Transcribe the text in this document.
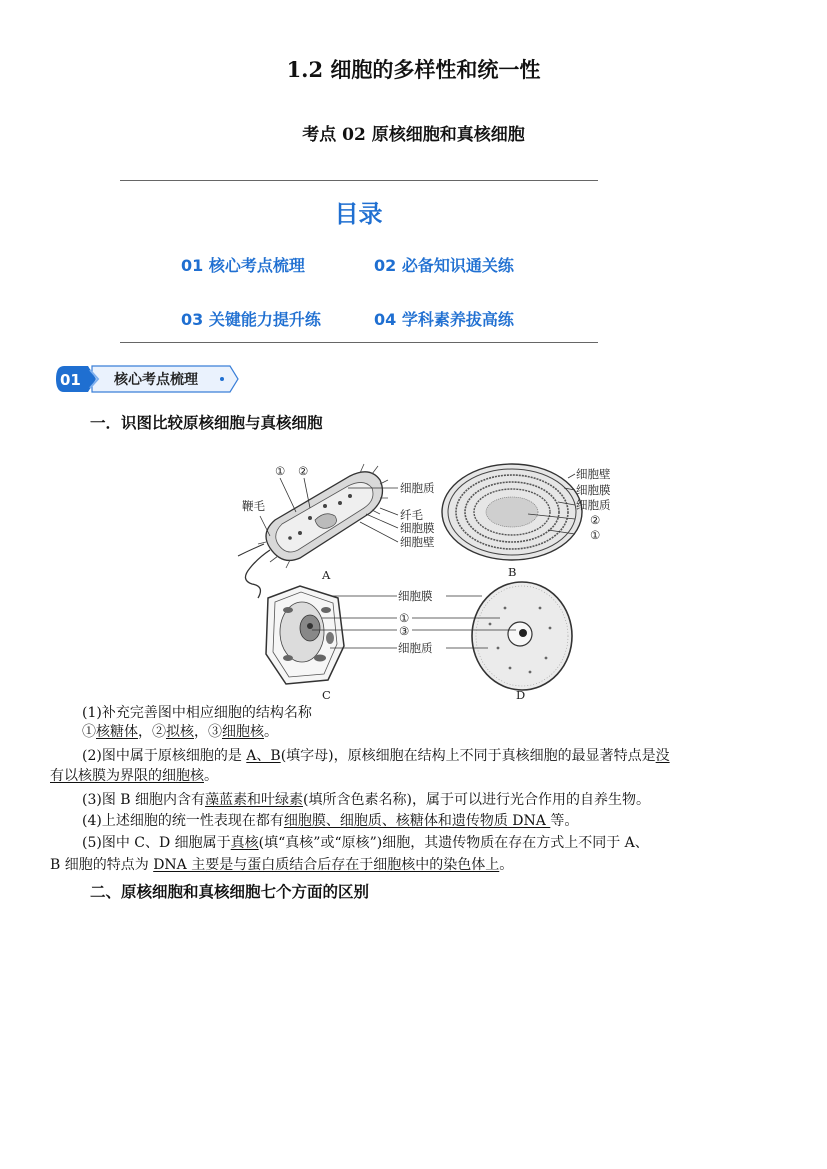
1.2 细胞的多样性和统一性
考点 02 原核细胞和真核细胞
目录
01 核心考点梳理	02 必备知识通关练
03 关键能力提升练	04 学科素养拔高练
01 核心考点梳理
一．识图比较原核细胞与真核细胞
① ②
鞭毛
细胞质
纤毛
细胞膜
细胞壁
A
细胞壁
细胞膜
细胞质
②
①
B
C	D
细胞膜
①
③
细胞质
(1)补充完善图中相应细胞的结构名称
①核糖体，②拟核，③细胞核。
(2)图中属于原核细胞的是 A、B(填字母)，原核细胞在结构上不同于真核细胞的最显著特点是没
有以核膜为界限的细胞核。
(3)图 B 细胞内含有藻蓝素和叶绿素(填所含色素名称)，属于可以进行光合作用的自养生物。
(4)上述细胞的统一性表现在都有细胞膜、细胞质、核糖体和遗传物质 DNA 等。
(5)图中 C、D 细胞属于真核(填“真核”或“原核”)细胞，其遗传物质在存在方式上不同于 A、
B 细胞的特点为 DNA 主要是与蛋白质结合后存在于细胞核中的染色体上。
二、原核细胞和真核细胞七个方面的区别
